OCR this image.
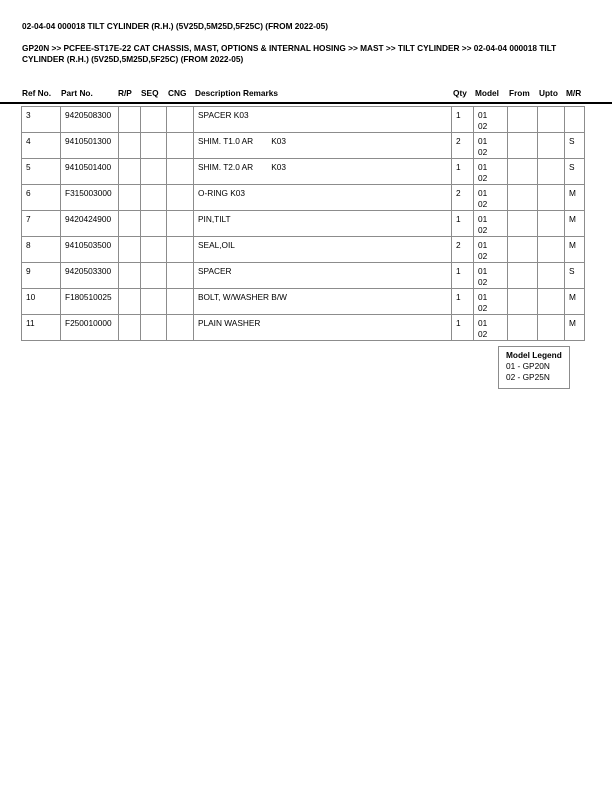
02-04-04 000018 TILT CYLINDER (R.H.) (5V25D,5M25D,5F25C) (FROM 2022-05)
GP20N >> PCFEE-ST17E-22 CAT CHASSIS, MAST, OPTIONS & INTERNAL HOSING >> MAST >> TILT CYLINDER >> 02-04-04 000018 TILT CYLINDER (R.H.) (5V25D,5M25D,5F25C) (FROM 2022-05)
Ref No. Part No.	R/P SEQ CNG Description Remarks	Qty Model From Upto M/R
3	9420508300				SPACER K03	1	01
02			

4	9410501300				SHIM. T1.0 AR K03	2	01
02			S
5	9410501400				SHIM. T2.0 AR K03	1	01
02			S
6	F315003000				O-RING K03	2	01
02			M
7	9420424900				PIN,TILT	1	01
02			M
8	9410503500				SEAL,OIL	2	01
02			M
9	9420503300				SPACER	1	01
02			S
10	F180510025				BOLT, W/WASHER B/W	1	01
02			M
11	F250010000				PLAIN WASHER	1	01
02			M
Model Legend
01 - GP20N
02 - GP25N
